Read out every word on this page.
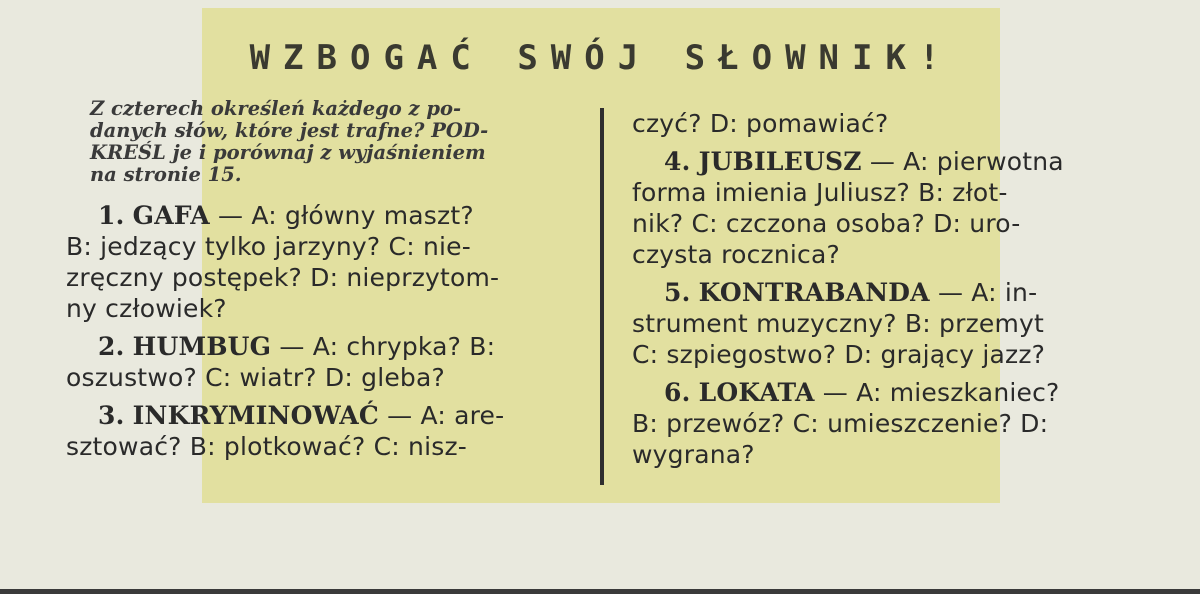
WZBOGAĆ SWÓJ SŁOWNIK!
Z czterech określeń każdego z po-
danych słów, które jest trafne? POD-
KREŚL je i porównaj z wyjaśnieniem
na stronie 15.
1. GAFA — A: główny maszt?
B: jedzący tylko jarzyny? C: nie-
zręczny postępek? D: nieprzytom-
ny człowiek?
2. HUMBUG — A: chrypka? B:
oszustwo? C: wiatr? D: gleba?
3. INKRYMINOWAĆ — A: are-
sztować? B: plotkować? C: nisz-
czyć? D: pomawiać?
4. JUBILEUSZ — A: pierwotna
forma imienia Juliusz? B: złot-
nik? C: czczona osoba? D: uro-
czysta rocznica?
5. KONTRABANDA — A: in-
strument muzyczny? B: przemyt
C: szpiegostwo? D: grający jazz?
6. LOKATA — A: mieszkaniec?
B: przewóz? C: umieszczenie? D:
wygrana?
